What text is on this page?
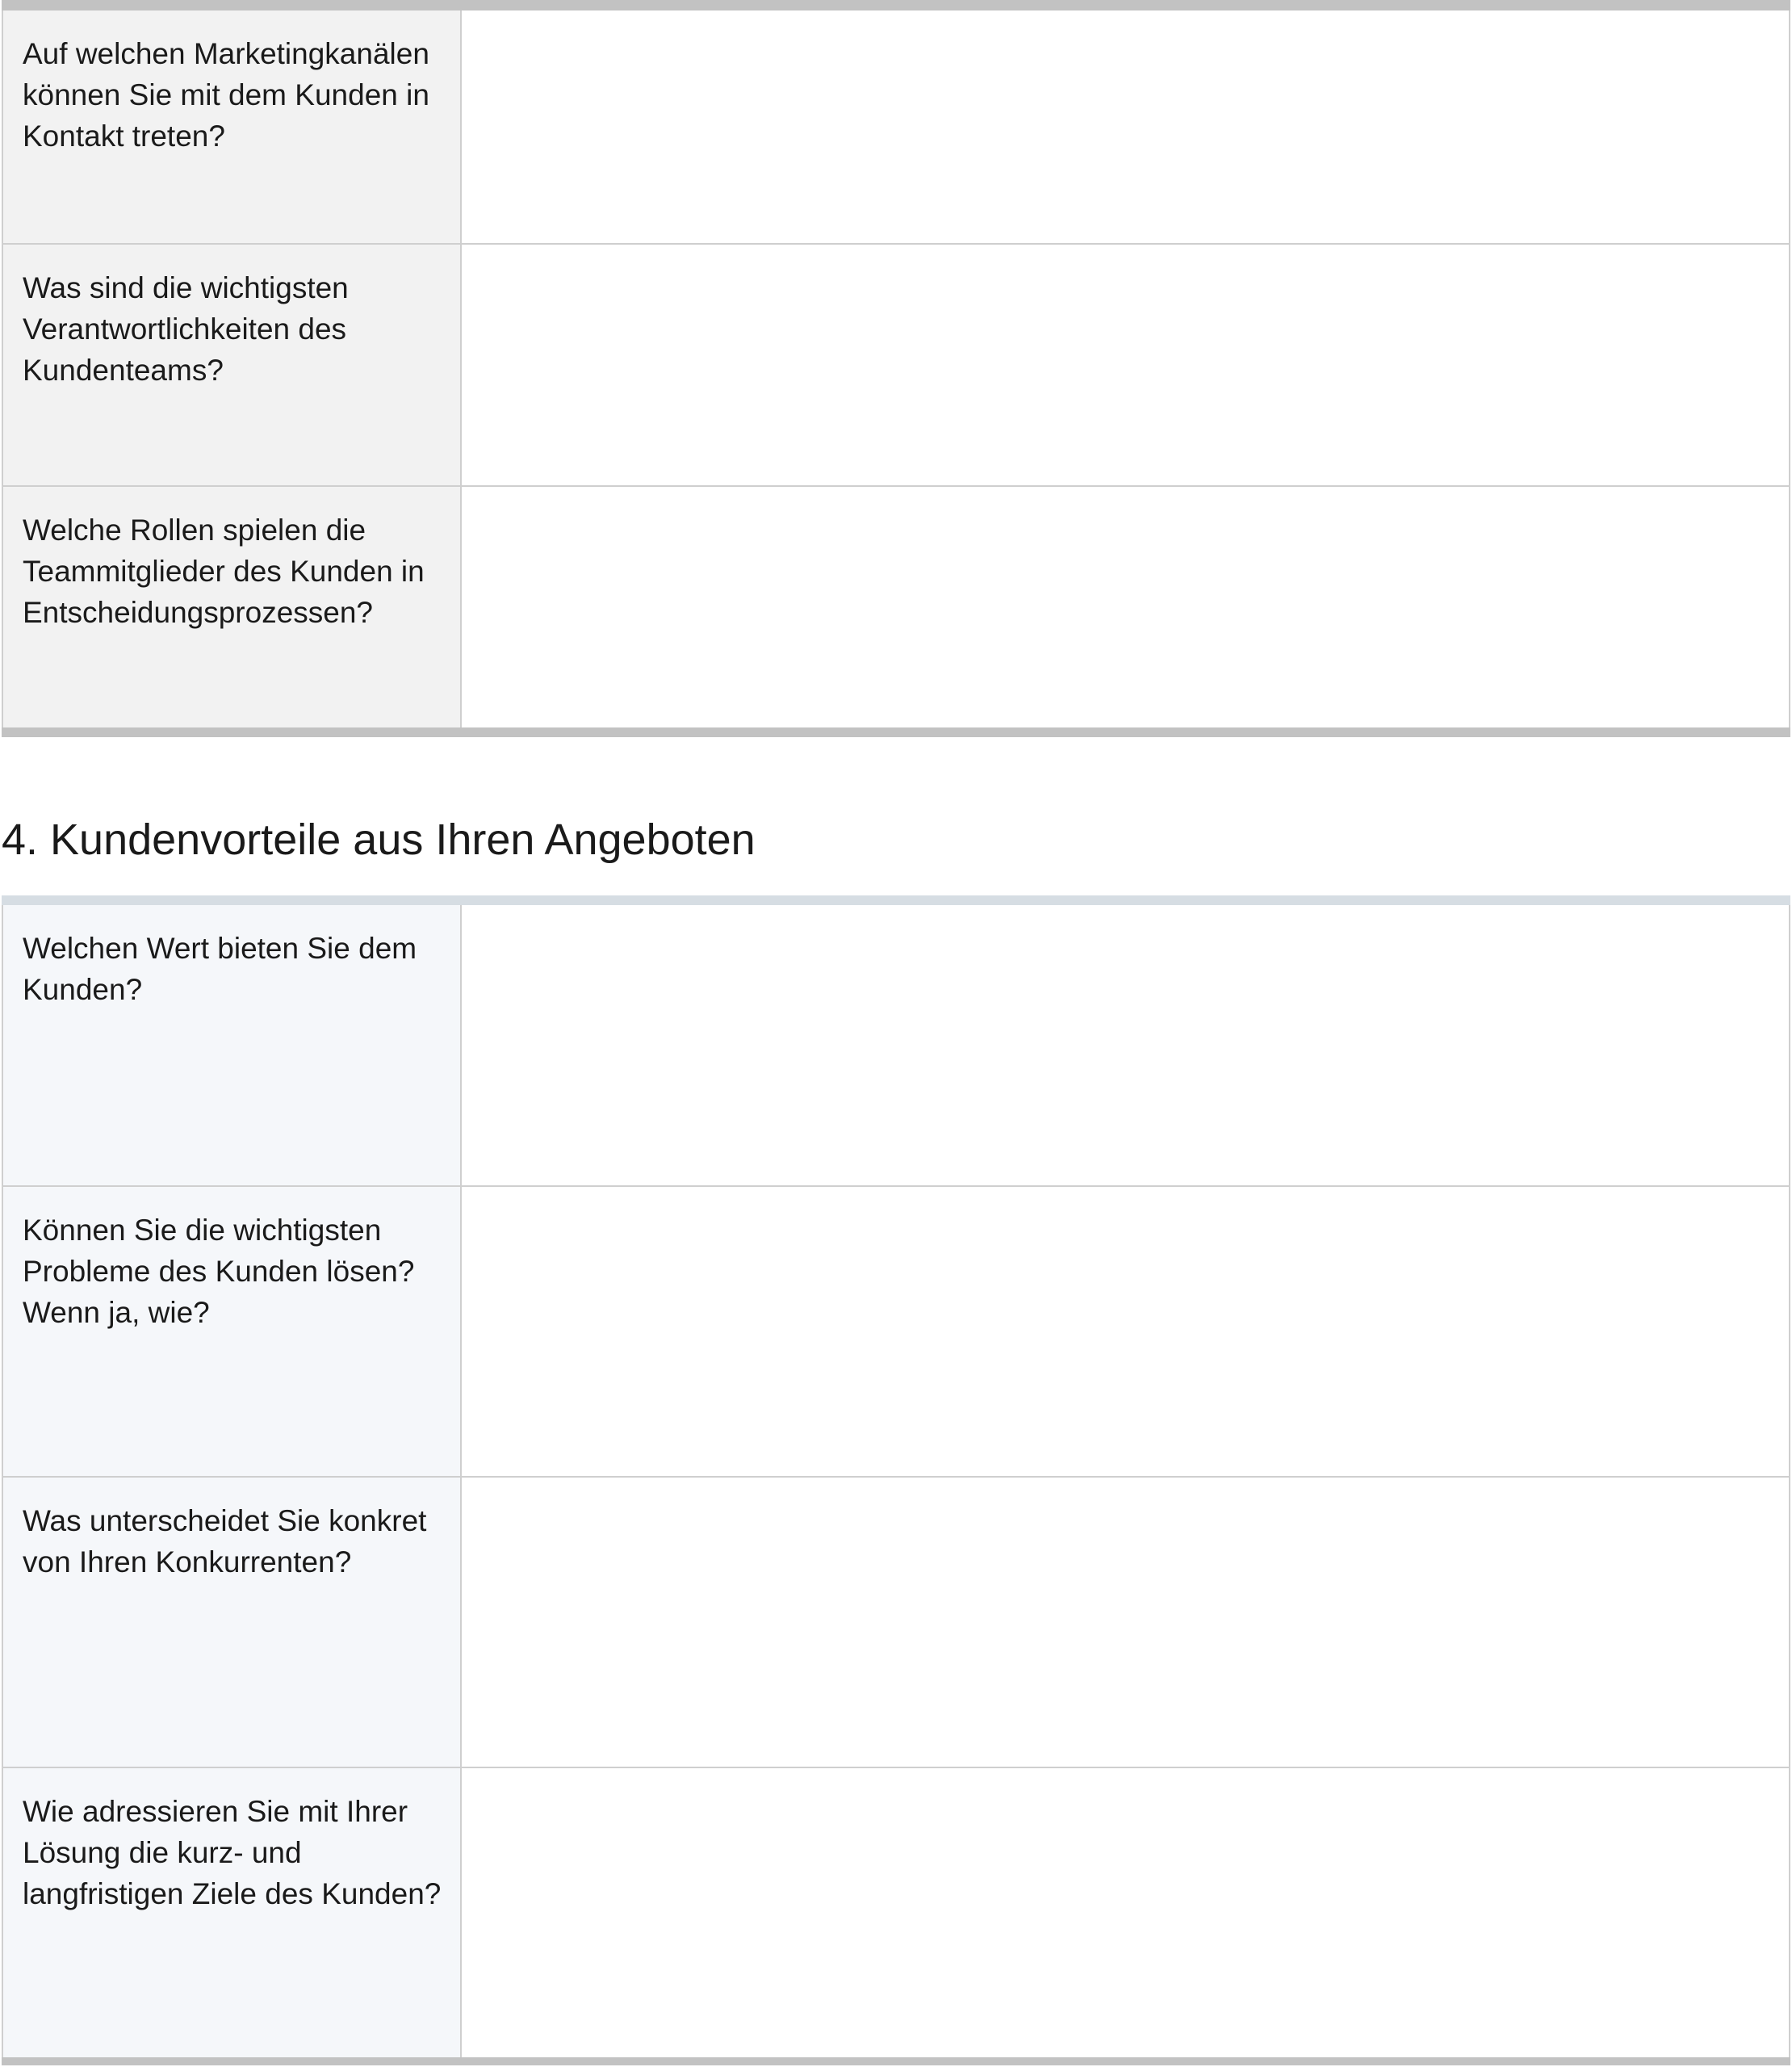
Auf welchen Marketingkanälen können Sie mit dem Kunden in Kontakt treten?
Was sind die wichtigsten Verantwortlichkeiten des Kundenteams?
Welche Rollen spielen die Teammitglieder des Kunden in Entscheidungsprozessen?
4. Kundenvorteile aus Ihren Angeboten
Welchen Wert bieten Sie dem Kunden?
Können Sie die wichtigsten Probleme des Kunden lösen? Wenn ja, wie?
Was unterscheidet Sie konkret von Ihren Konkurrenten?
Wie adressieren Sie mit Ihrer Lösung die kurz- und langfristigen Ziele des Kunden?
